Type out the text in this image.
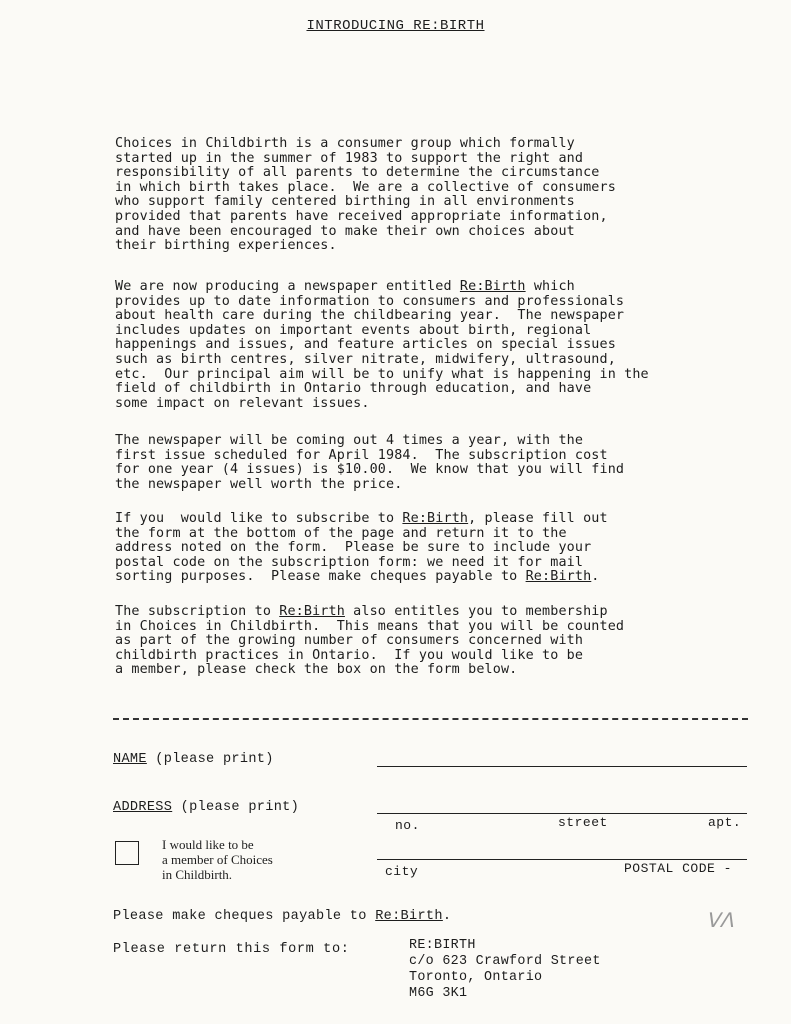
INTRODUCING RE:BIRTH
Choices in Childbirth is a consumer group which formally
started up in the summer of 1983 to support the right and
responsibility of all parents to determine the circumstance
in which birth takes place.  We are a collective of consumers
who support family centered birthing in all environments
provided that parents have received appropriate information,
and have been encouraged to make their own choices about
their birthing experiences.
We are now producing a newspaper entitled Re:Birth which
provides up to date information to consumers and professionals
about health care during the childbearing year.  The newspaper
includes updates on important events about birth, regional
happenings and issues, and feature articles on special issues
such as birth centres, silver nitrate, midwifery, ultrasound,
etc.  Our principal aim will be to unify what is happening in the
field of childbirth in Ontario through education, and have
some impact on relevant issues.
The newspaper will be coming out 4 times a year, with the
first issue scheduled for April 1984.  The subscription cost
for one year (4 issues) is $10.00.  We know that you will find
the newspaper well worth the price.
If you  would like to subscribe to Re:Birth, please fill out
the form at the bottom of the page and return it to the
address noted on the form.  Please be sure to include your
postal code on the subscription form: we need it for mail
sorting purposes.  Please make cheques payable to Re:Birth.
The subscription to Re:Birth also entitles you to membership
in Choices in Childbirth.  This means that you will be counted
as part of the growing number of consumers concerned with
childbirth practices in Ontario.  If you would like to be
a member, please check the box on the form below.
NAME (please print)
ADDRESS (please print)
no.	street	apt.
I would like to be
a member of Choices
in Childbirth.	city	POSTAL CODE -
Please make cheques payable to Re:Birth.
Please return this form to:	RE:BIRTH
c/o 623 Crawford Street
Toronto, Ontario
M6G 3K1
ᐯᐱ
